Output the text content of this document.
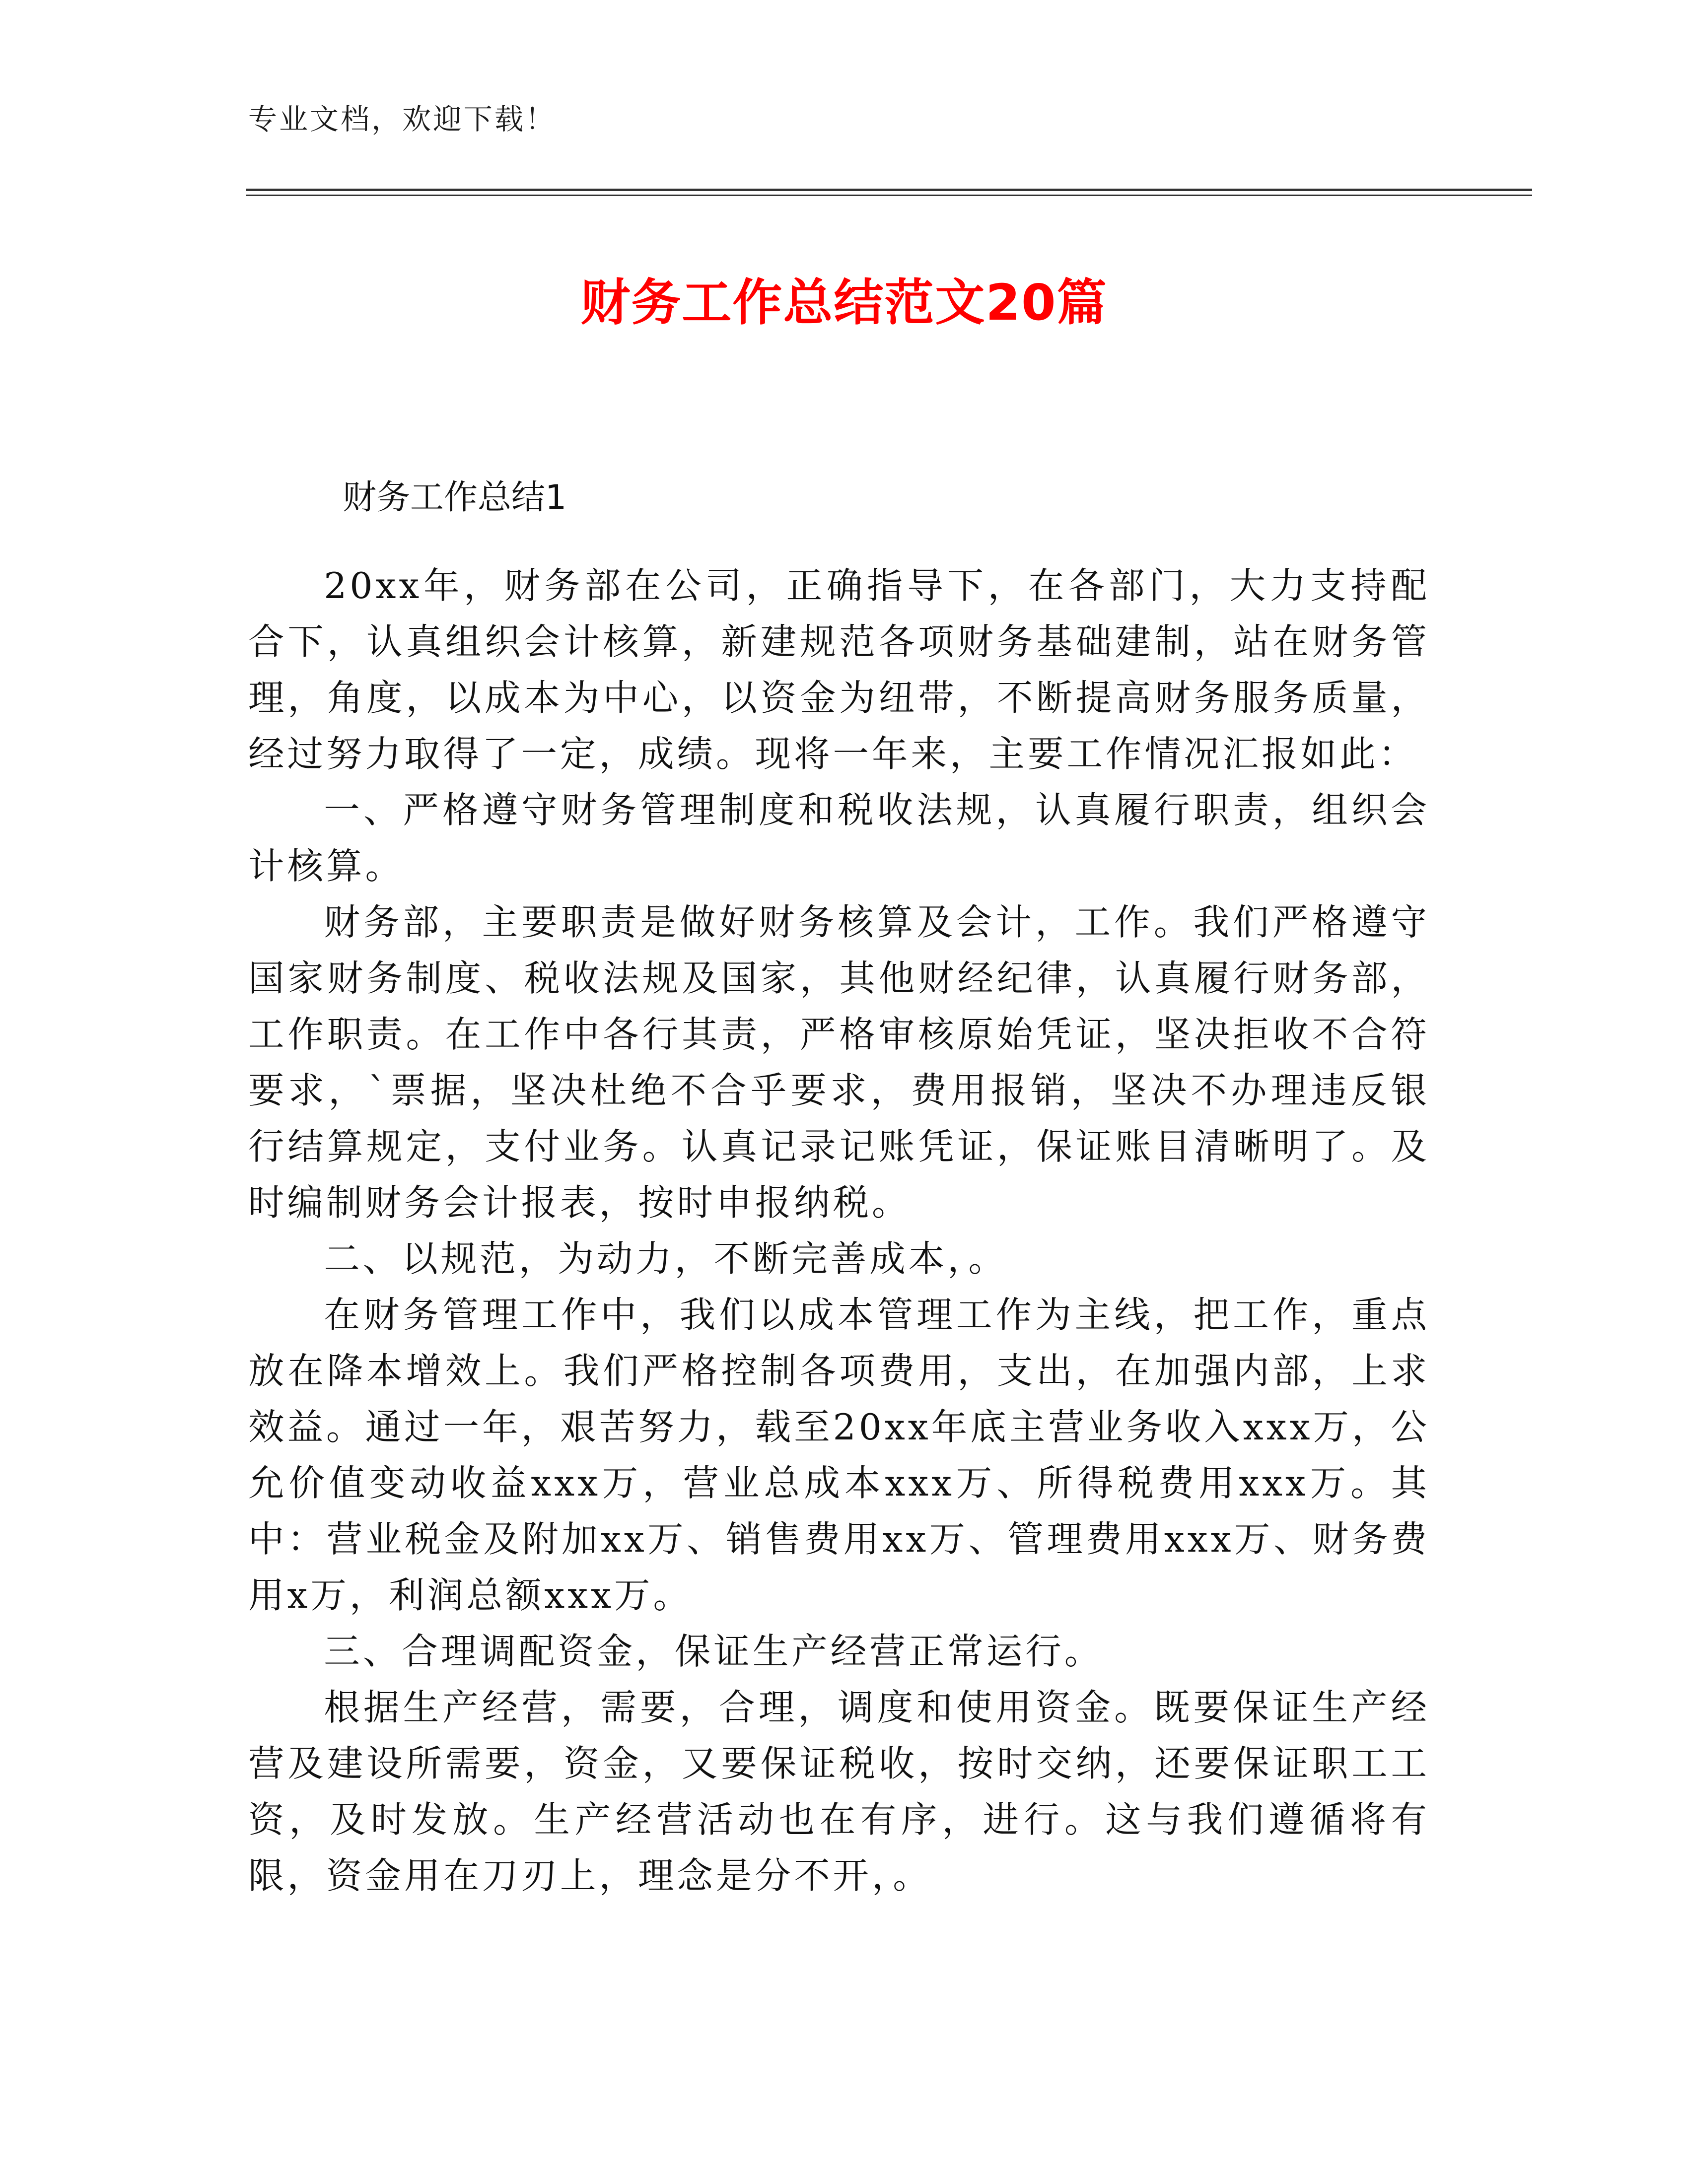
专业文档，欢迎下载！
财务工作总结范文20篇
财务工作总结1

20xx年，财务部在公司，正确指导下，在各部门，大力支持配合下，认真组织会计核算，新建规范各项财务基础建制，站在财务管理，角度，以成本为中心，以资金为纽带，不断提高财务服务质量，经过努力取得了一定，成绩。现将一年来，主要工作情况汇报如此：

一、严格遵守财务管理制度和税收法规，认真履行职责，组织会计核算。

财务部，主要职责是做好财务核算及会计，工作。我们严格遵守国家财务制度、税收法规及国家，其他财经纪律，认真履行财务部，工作职责。在工作中各行其责，严格审核原始凭证，坚决拒收不合符要求，`票据，坚决杜绝不合乎要求，费用报销，坚决不办理违反银行结算规定，支付业务。认真记录记账凭证，保证账目清晰明了。及时编制财务会计报表，按时申报纳税。

二、以规范，为动力，不断完善成本，。

在财务管理工作中，我们以成本管理工作为主线，把工作，重点放在降本增效上。我们严格控制各项费用，支出，在加强内部，上求效益。通过一年，艰苦努力，载至20xx年底主营业务收入xxx万，公允价值变动收益xxx万，营业总成本xxx万、所得税费用xxx万。其中：营业税金及附加xx万、销售费用xx万、管理费用xxx万、财务费用x万，利润总额xxx万。

三、合理调配资金，保证生产经营正常运行。

根据生产经营，需要，合理，调度和使用资金。既要保证生产经营及建设所需要，资金，又要保证税收，按时交纳，还要保证职工工资，及时发放。生产经营活动也在有序，进行。这与我们遵循将有限，资金用在刀刃上，理念是分不开，。
